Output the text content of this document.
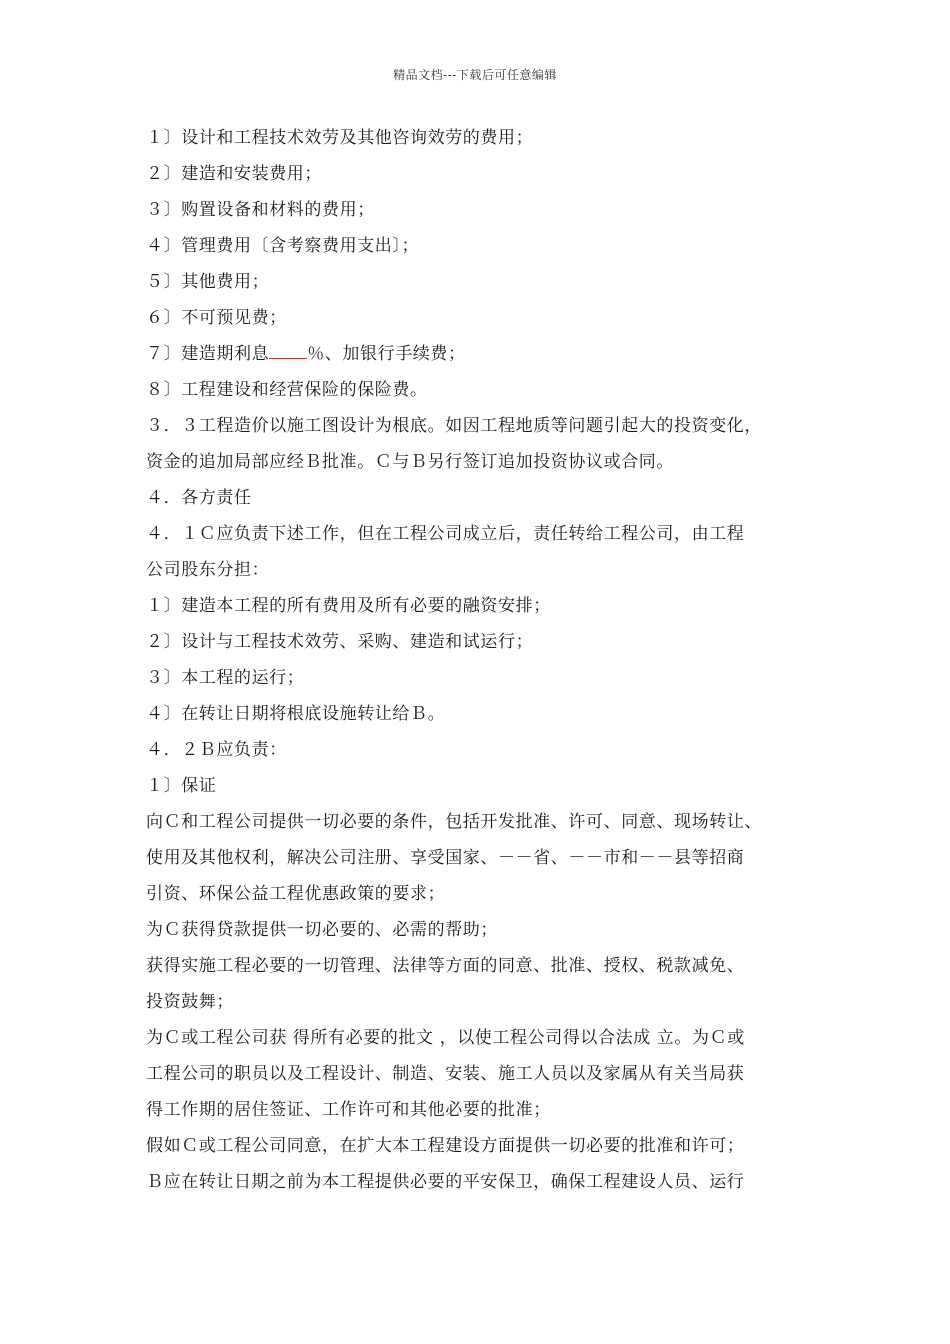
精品文档---下载后可任意编辑
１〕设计和工程技术效劳及其他咨询效劳的费用；
２〕建造和安装费用；
３〕购置设备和材料的费用；
４〕管理费用〔含考察费用支出〕；
５〕其他费用；
６〕不可预见费；
７〕建造期利息 ％、加银行手续费；
８〕工程建设和经营保险的保险费。
３．３工程造价以施工图设计为根底。如因工程地质等问题引起大的投资变化，
资金的追加局部应经Ｂ批准。Ｃ与Ｂ另行签订追加投资协议或合同。
４．各方责任
４．１Ｃ应负责下述工作，但在工程公司成立后，责任转给工程公司，由工程
公司股东分担：
１〕建造本工程的所有费用及所有必要的融资安排；
２〕设计与工程技术效劳、采购、建造和试运行；
３〕本工程的运行；
４〕在转让日期将根底设施转让给Ｂ。
４．２Ｂ应负责：
１〕保证
向Ｃ和工程公司提供一切必要的条件，包括开发批准、许可、同意、现场转让、
使用及其他权利，解决公司注册、享受国家、－－省、－－市和－－县等招商
引资、环保公益工程优惠政策的要求；
为Ｃ获得贷款提供一切必要的、必需的帮助；
获得实施工程必要的一切管理、法律等方面的同意、批准、授权、税款减免、
投资鼓舞；
为Ｃ或工程公司获 得所有必要的批文 ，以使工程公司得以合法成 立。为Ｃ或
工程公司的职员以及工程设计、制造、安装、施工人员以及家属从有关当局获
得工作期的居住签证、工作许可和其他必要的批准；
假如Ｃ或工程公司同意，在扩大本工程建设方面提供一切必要的批准和许可；
Ｂ应在转让日期之前为本工程提供必要的平安保卫，确保工程建设人员、运行
